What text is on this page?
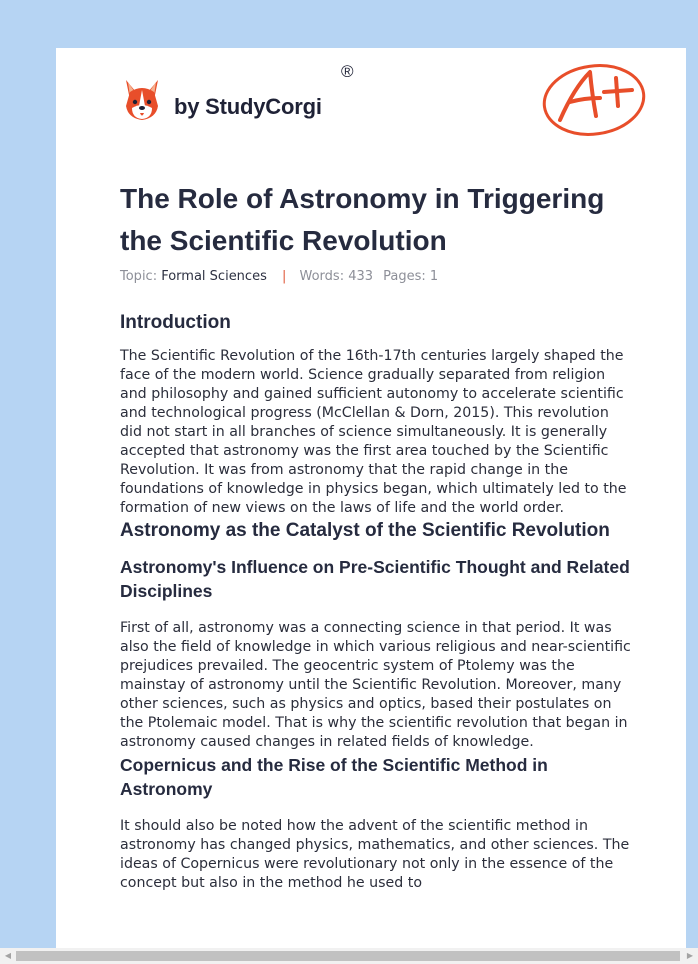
by StudyCorgi
®
The Role of Astronomy in Triggering the Scientific Revolution
Topic: Formal Sciences | Words: 433 Pages: 1
Introduction

The Scientific Revolution of the 16th-17th centuries largely shaped the face of the modern world. Science gradually separated from religion and philosophy and gained sufficient autonomy to accelerate scientific and technological progress (McClellan & Dorn, 2015). This revolution did not start in all branches of science simultaneously. It is generally accepted that astronomy was the first area touched by the Scientific Revolution. It was from astronomy that the rapid change in the foundations of knowledge in physics began, which ultimately led to the formation of new views on the laws of life and the world order.

Astronomy as the Catalyst of the Scientific Revolution
Astronomy's Influence on Pre-Scientific Thought and Related Disciplines

First of all, astronomy was a connecting science in that period. It was also the field of knowledge in which various religious and near-scientific prejudices prevailed. The geocentric system of Ptolemy was the mainstay of astronomy until the Scientific Revolution. Moreover, many other sciences, such as physics and optics, based their postulates on the Ptolemaic model. That is why the scientific revolution that began in astronomy caused changes in related fields of knowledge.

Copernicus and the Rise of the Scientific Method in Astronomy

It should also be noted how the advent of the scientific method in astronomy has changed physics, mathematics, and other sciences. The ideas of Copernicus were revolutionary not only in the essence of the concept but also in the method he used to

◀	▶
